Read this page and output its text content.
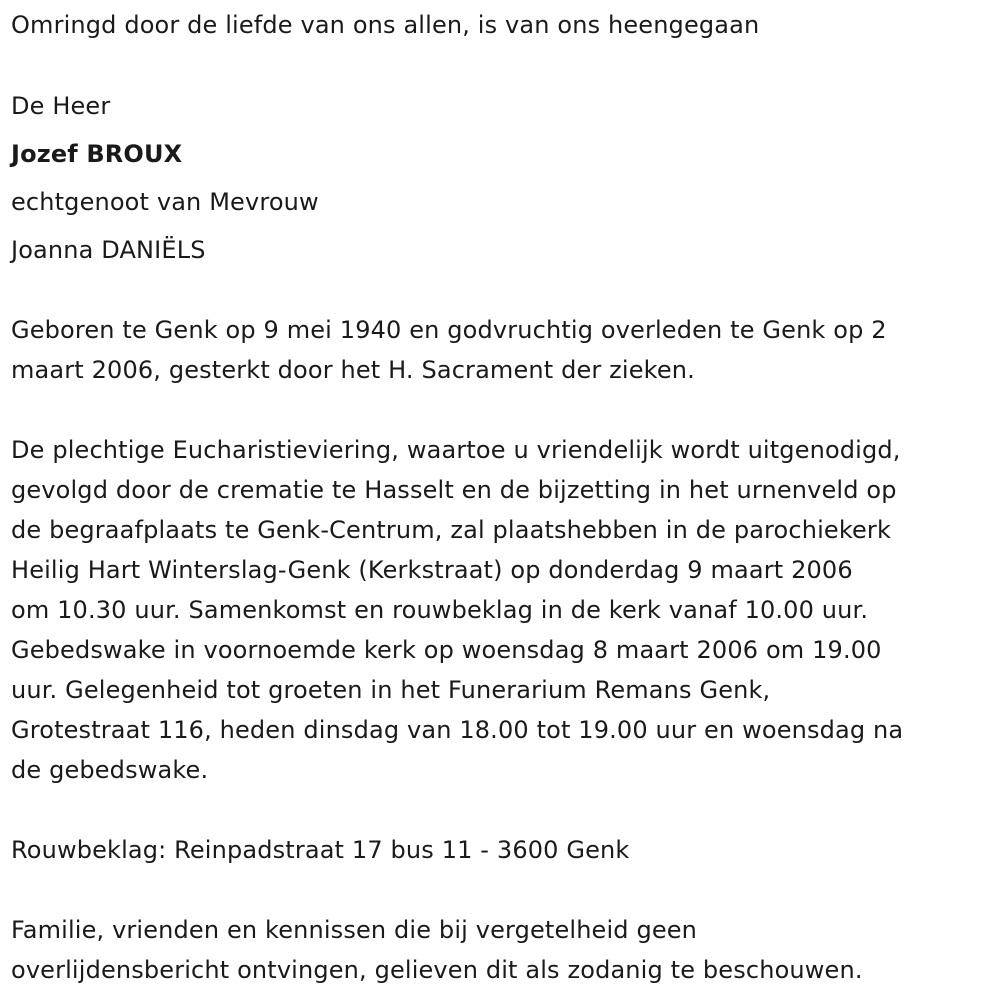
Omringd door de liefde van ons allen, is van ons heengegaan
De Heer
Jozef BROUX
echtgenoot van Mevrouw
Joanna DANIËLS
Geboren te Genk op 9 mei 1940 en godvruchtig overleden te Genk op 2
maart 2006, gesterkt door het H. Sacrament der zieken.
De plechtige Eucharistieviering, waartoe u vriendelijk wordt uitgenodigd,
gevolgd door de crematie te Hasselt en de bijzetting in het urnenveld op
de begraafplaats te Genk-Centrum, zal plaatshebben in de parochiekerk
Heilig Hart Winterslag-Genk (Kerkstraat) op donderdag 9 maart 2006
om 10.30 uur. Samenkomst en rouwbeklag in de kerk vanaf 10.00 uur.
Gebedswake in voornoemde kerk op woensdag 8 maart 2006 om 19.00
uur. Gelegenheid tot groeten in het Funerarium Remans Genk,
Grotestraat 116, heden dinsdag van 18.00 tot 19.00 uur en woensdag na
de gebedswake.
Rouwbeklag: Reinpadstraat 17 bus 11 - 3600 Genk
Familie, vrienden en kennissen die bij vergetelheid geen
overlijdensbericht ontvingen, gelieven dit als zodanig te beschouwen.
